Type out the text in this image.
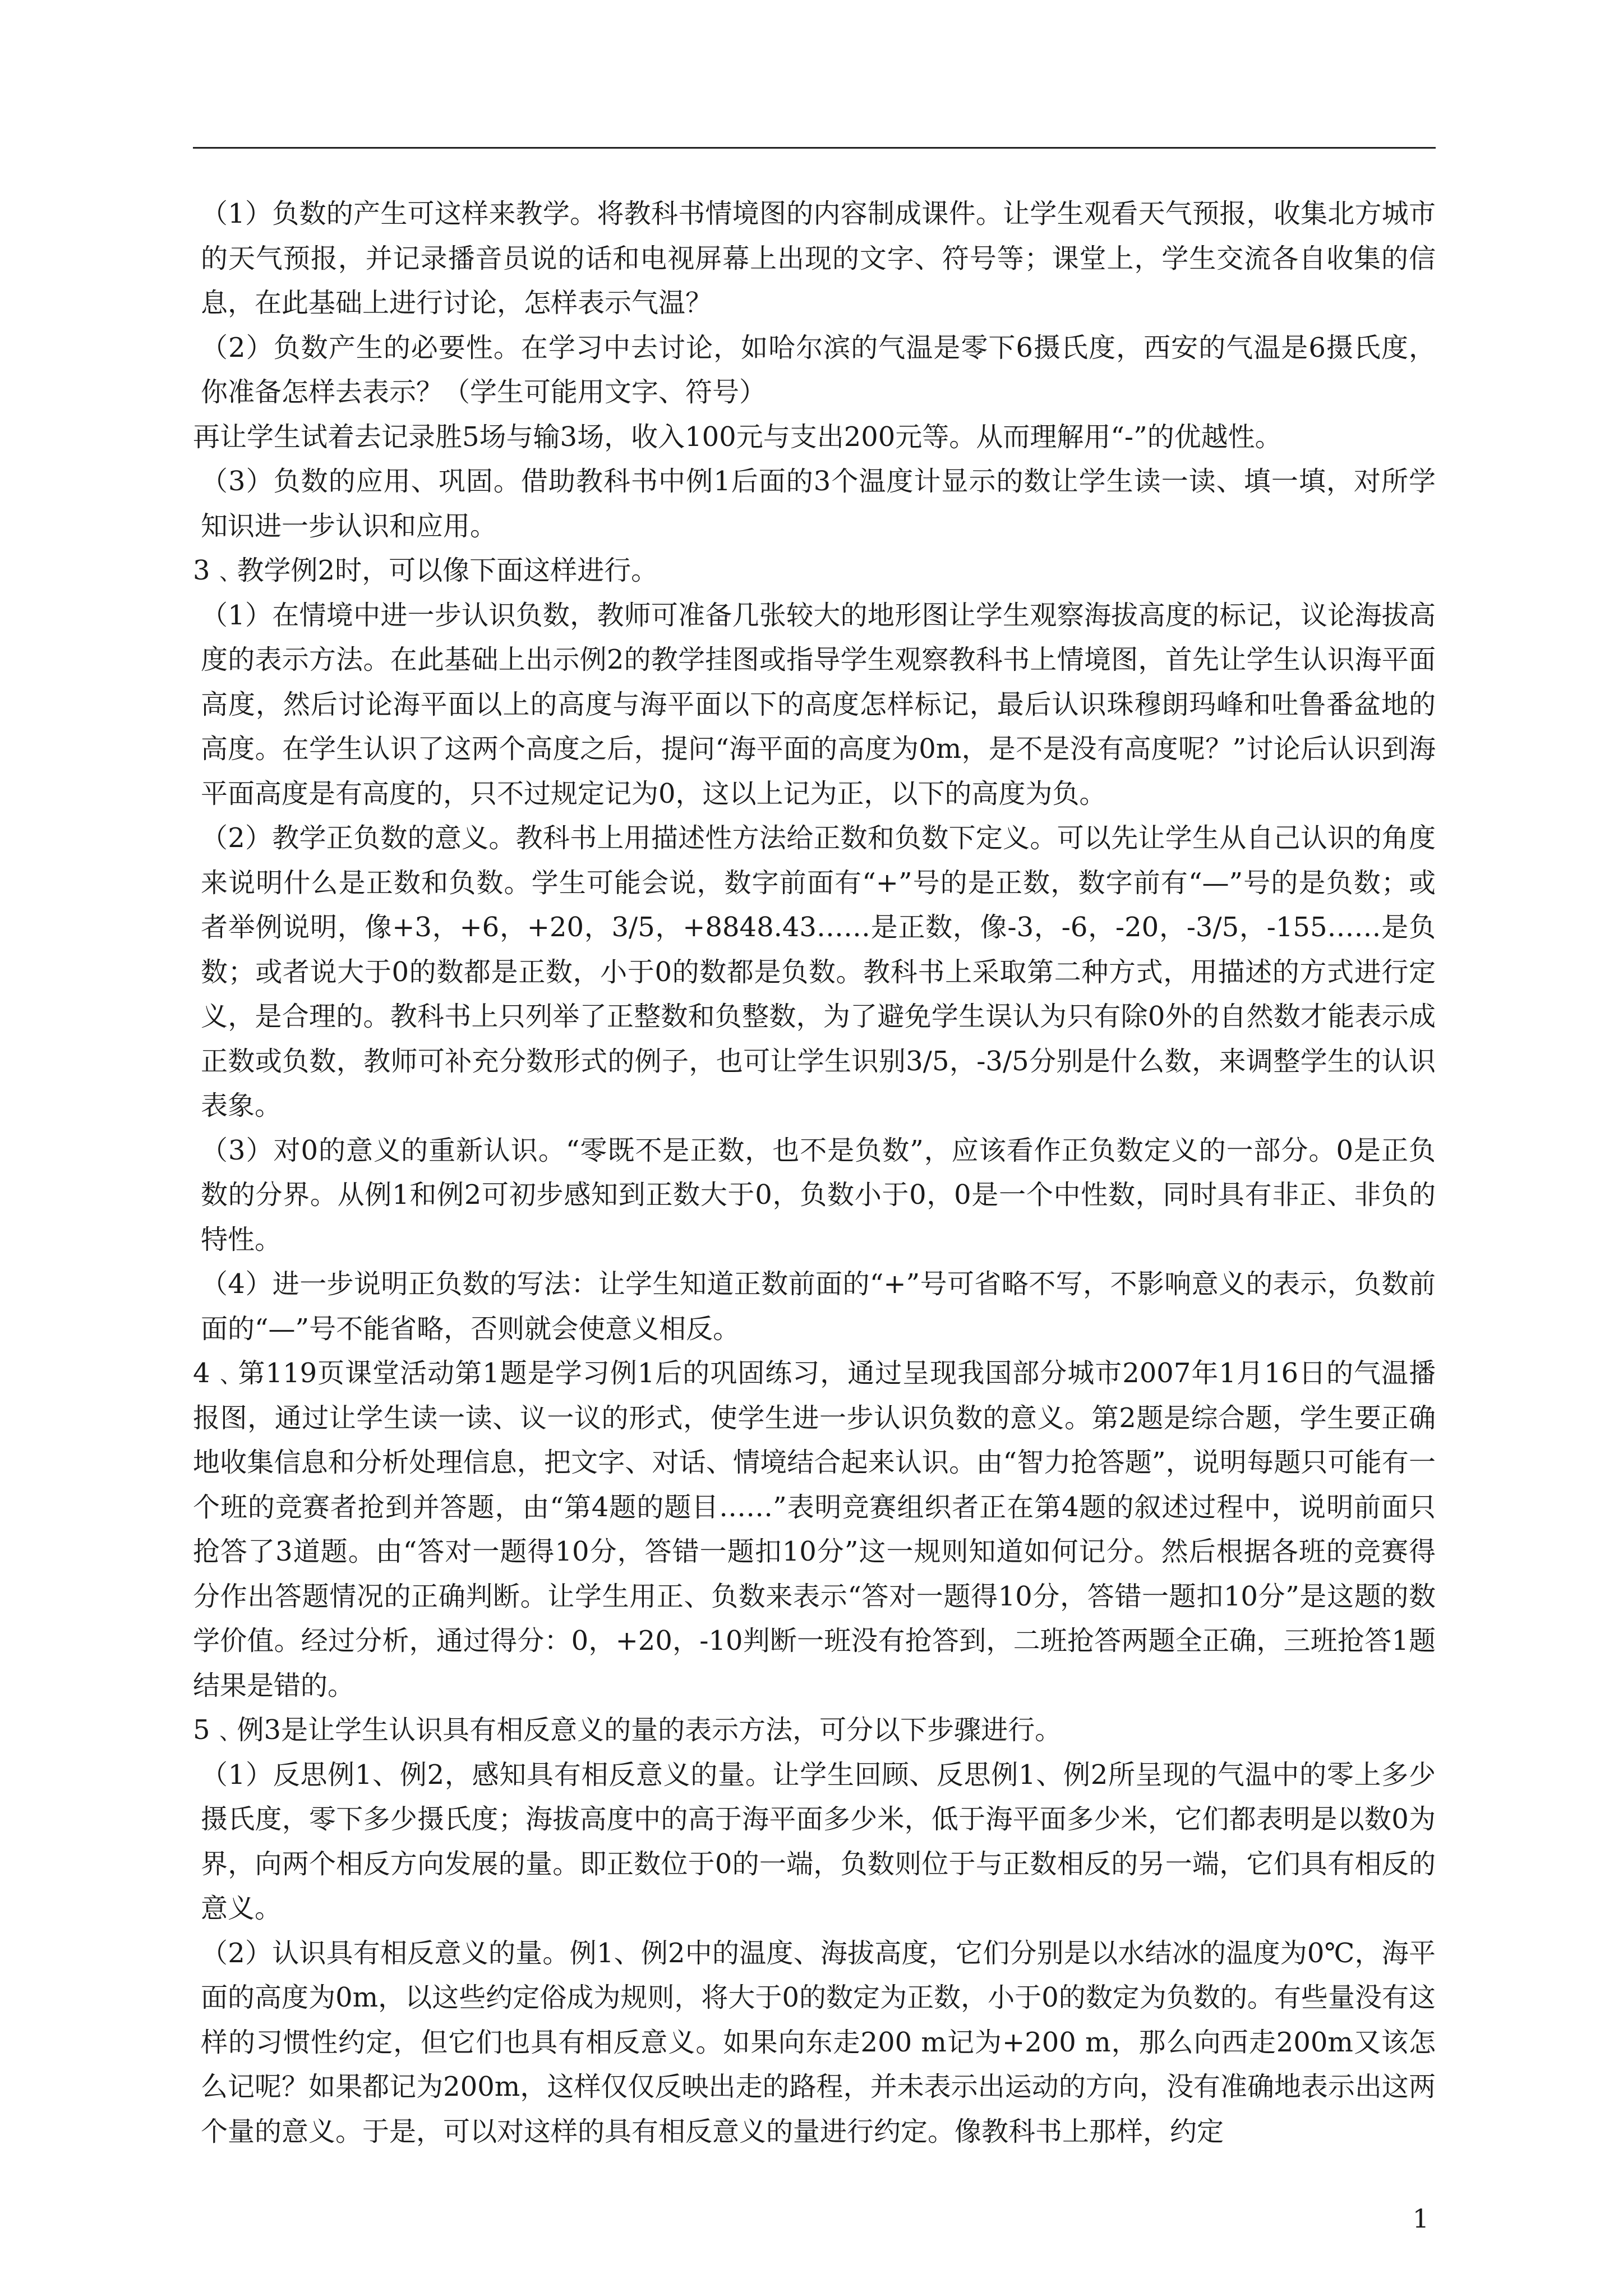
（1）负数的产生可这样来教学。将教科书情境图的内容制成课件。让学生观看天气预报，收集北方城市的天气预报，并记录播音员说的话和电视屏幕上出现的文字、符号等；课堂上，学生交流各自收集的信息，在此基础上进行讨论，怎样表示气温？

（2）负数产生的必要性。在学习中去讨论，如哈尔滨的气温是零下6摄氏度，西安的气温是6摄氏度，你准备怎样去表示？（学生可能用文字、符号）

再让学生试着去记录胜5场与输3场，收入100元与支出200元等。从而理解用“-”的优越性。

（3）负数的应用、巩固。借助教科书中例1后面的3个温度计显示的数让学生读一读、填一填，对所学知识进一步认识和应用。

3﹑教学例2时，可以像下面这样进行。

（1）在情境中进一步认识负数，教师可准备几张较大的地形图让学生观察海拔高度的标记，议论海拔高度的表示方法。在此基础上出示例2的教学挂图或指导学生观察教科书上情境图，首先让学生认识海平面高度，然后讨论海平面以上的高度与海平面以下的高度怎样标记，最后认识珠穆朗玛峰和吐鲁番盆地的高度。在学生认识了这两个高度之后，提问“海平面的高度为0m，是不是没有高度呢？”讨论后认识到海平面高度是有高度的，只不过规定记为0，这以上记为正，以下的高度为负。

（2）教学正负数的意义。教科书上用描述性方法给正数和负数下定义。可以先让学生从自己认识的角度来说明什么是正数和负数。学生可能会说，数字前面有“+”号的是正数，数字前有“—”号的是负数；或者举例说明，像+3，+6，+20，3/5，+8848.43……是正数，像-3，-6，-20，-3/5，-155……是负数；或者说大于0的数都是正数，小于0的数都是负数。教科书上采取第二种方式，用描述的方式进行定义，是合理的。教科书上只列举了正整数和负整数，为了避免学生误认为只有除0外的自然数才能表示成正数或负数，教师可补充分数形式的例子，也可让学生识别3/5，-3/5分别是什么数，来调整学生的认识表象。

（3）对0的意义的重新认识。“零既不是正数，也不是负数”，应该看作正负数定义的一部分。0是正负数的分界。从例1和例2可初步感知到正数大于0，负数小于0，0是一个中性数，同时具有非正、非负的特性。

（4）进一步说明正负数的写法：让学生知道正数前面的“+”号可省略不写，不影响意义的表示，负数前面的“—”号不能省略，否则就会使意义相反。

4﹑第119页课堂活动第1题是学习例1后的巩固练习，通过呈现我国部分城市2007年1月16日的气温播报图，通过让学生读一读、议一议的形式，使学生进一步认识负数的意义。第2题是综合题，学生要正确地收集信息和分析处理信息，把文字、对话、情境结合起来认识。由“智力抢答题”，说明每题只可能有一个班的竞赛者抢到并答题，由“第4题的题目……”表明竞赛组织者正在第4题的叙述过程中，说明前面只抢答了3道题。由“答对一题得10分，答错一题扣10分”这一规则知道如何记分。然后根据各班的竞赛得分作出答题情况的正确判断。让学生用正、负数来表示“答对一题得10分，答错一题扣10分”是这题的数学价值。经过分析，通过得分：0，+20，-10判断一班没有抢答到，二班抢答两题全正确，三班抢答1题结果是错的。

5﹑例3是让学生认识具有相反意义的量的表示方法，可分以下步骤进行。

（1）反思例1、例2，感知具有相反意义的量。让学生回顾、反思例1、例2所呈现的气温中的零上多少摄氏度，零下多少摄氏度；海拔高度中的高于海平面多少米，低于海平面多少米，它们都表明是以数0为界，向两个相反方向发展的量。即正数位于0的一端，负数则位于与正数相反的另一端，它们具有相反的意义。

（2）认识具有相反意义的量。例1、例2中的温度、海拔高度，它们分别是以水结冰的温度为0℃，海平面的高度为0m，以这些约定俗成为规则，将大于0的数定为正数，小于0的数定为负数的。有些量没有这样的习惯性约定，但它们也具有相反意义。如果向东走200 m记为+200 m，那么向西走200m又该怎么记呢？如果都记为200m，这样仅仅反映出走的路程，并未表示出运动的方向，没有准确地表示出这两个量的意义。于是，可以对这样的具有相反意义的量进行约定。像教科书上那样，约定

1
